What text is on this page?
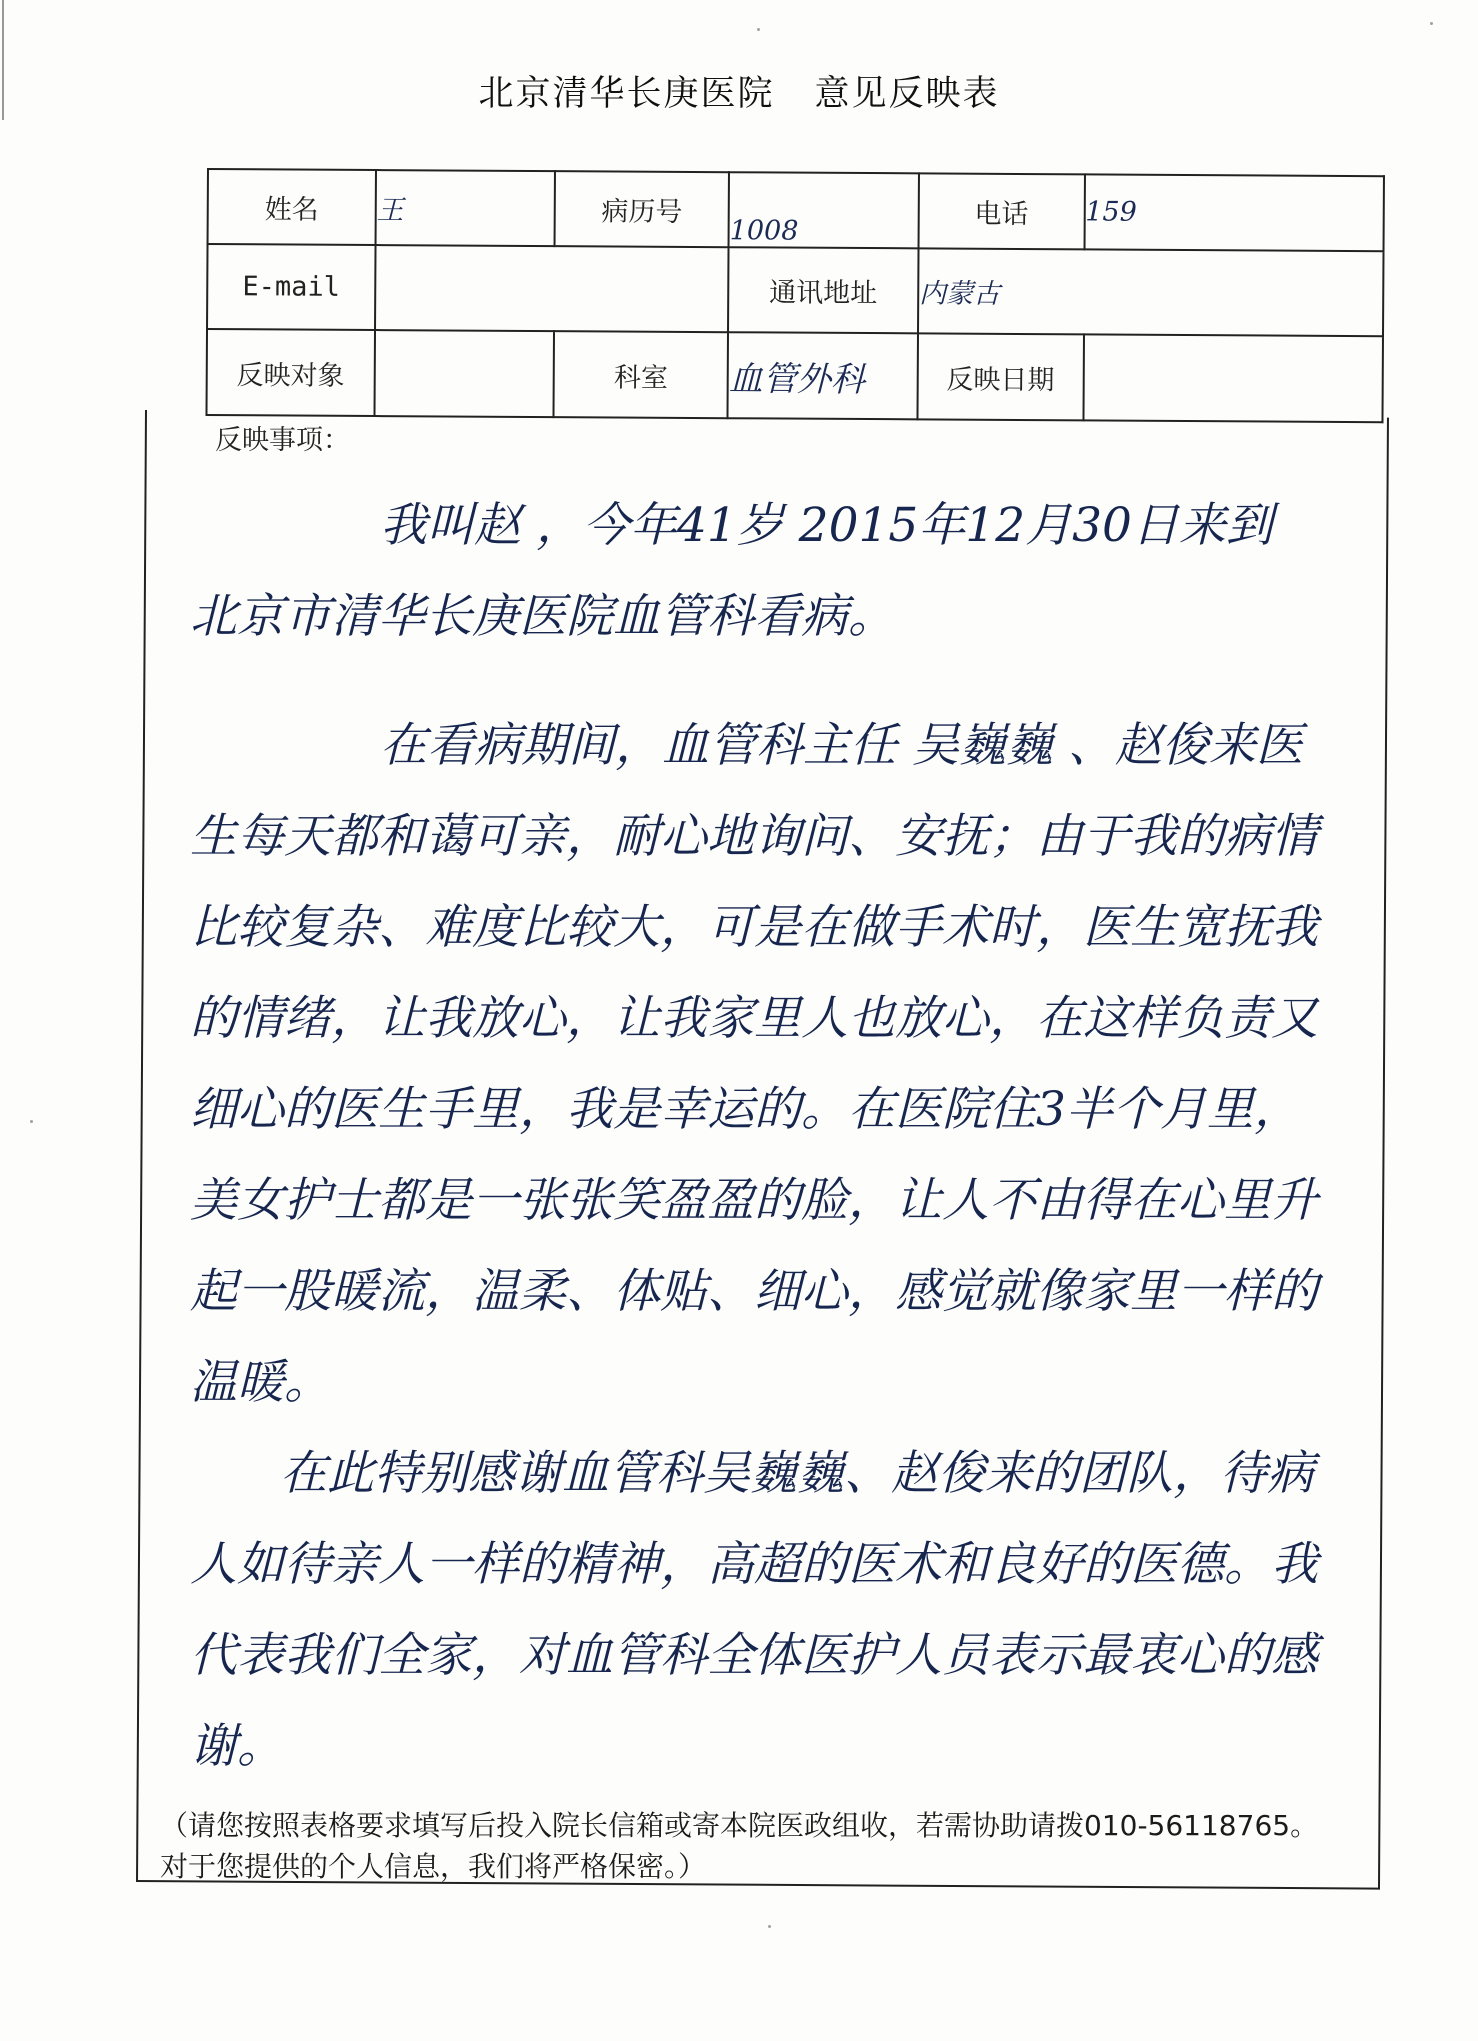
北京清华长庚医院 意见反映表
姓名	王	病历号	1008	电话	159
E-mail			通讯地址	内蒙古	
反映对象		科室	血管外科	反映日期	
反映事项：

我叫赵 ，今年41岁 2015年12月30日来到

北京市清华长庚医院血管科看病。

在看病期间，血管科主任 吴巍巍 、赵俊来医生每天都和蔼可亲，耐心地询问、安抚；由于我的病情比较复杂、难度比较大，可是在做手术时，医生宽抚我的情绪，让我放心，让我家里人也放心，在这样负责又细心的医生手里，我是幸运的。在医院住3半个月里，美女护士都是一张张笑盈盈的脸，让人不由得在心里升起一股暖流，温柔、体贴、细心，感觉就像家里一样的温暖。

在此特别感谢血管科吴巍巍、赵俊来的团队，待病人如待亲人一样的精神，高超的医术和良好的医德。我代表我们全家，对血管科全体医护人员表示最衷心的感谢。

（请您按照表格要求填写后投入院长信箱或寄本院医政组收，若需协助请拨010-56118765。对于您提供的个人信息，我们将严格保密。）
